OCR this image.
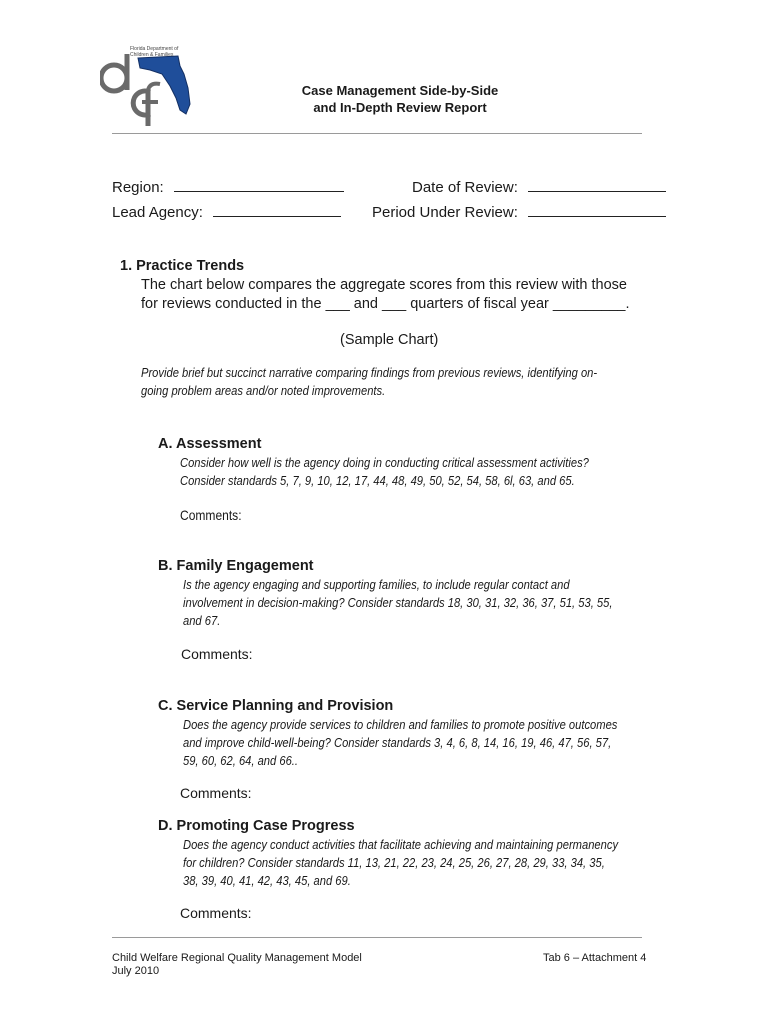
Florida Department of Children & Families
Case Management Side-by-Side
and In-Depth Review Report
Region:	Date of Review:
Lead Agency:	Period Under Review:
1. Practice Trends
The chart below compares the aggregate scores from this review with those
for reviews conducted in the ___ and ___ quarters of fiscal year _________.
(Sample Chart)
Provide brief but succinct narrative comparing findings from previous reviews, identifying on-
going problem areas and/or noted improvements.
A. Assessment
Consider how well is the agency doing in conducting critical assessment activities?
Consider standards 5, 7, 9, 10, 12, 17, 44, 48, 49, 50, 52, 54, 58, 6l, 63, and 65.
Comments:
B. Family Engagement
Is the agency engaging and supporting families, to include regular contact and
involvement in decision-making? Consider standards 18, 30, 31, 32, 36, 37, 51, 53, 55,
and 67.
Comments:
C. Service Planning and Provision
Does the agency provide services to children and families to promote positive outcomes
and improve child-well-being? Consider standards 3, 4, 6, 8, 14, 16, 19, 46, 47, 56, 57,
59, 60, 62, 64, and 66..
Comments:
D. Promoting Case Progress
Does the agency conduct activities that facilitate achieving and maintaining permanency
for children? Consider standards 11, 13, 21, 22, 23, 24, 25, 26, 27, 28, 29, 33, 34, 35,
38, 39, 40, 41, 42, 43, 45, and 69.
Comments:
Child Welfare Regional Quality Management Model
July 2010
Tab 6 – Attachment 4
